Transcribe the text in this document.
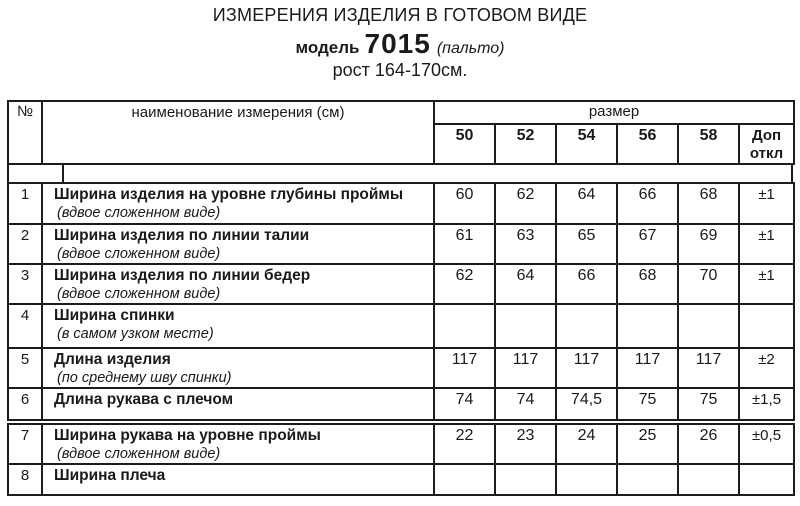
ИЗМЕРЕНИЯ ИЗДЕЛИЯ В ГОТОВОМ ВИДЕ
модель 7015 (пальто)
рост 164-170см.
№	наименование измерения (см)	размер					
		50	52	54	56	58	Доп
откл
1	Ширина изделия на уровне глубины проймы
(вдвое сложенном виде)	60	62	64	66	68	±1
2	Ширина изделия по линии талии
(вдвое сложенном виде)	61	63	65	67	69	±1
3	Ширина изделия по линии бедер
(вдвое сложенном виде)	62	64	66	68	70	±1
4	Ширина спинки
(в самом узком месте)						

5	Длина изделия
(по среднему шву спинки)	117	117	117	117	117	±2
6	Длина рукава с плечом	74	74	74,5	75	75	±1,5
7	Ширина рукава на уровне проймы
(вдвое сложенном виде)	22	23	24	25	26	±0,5
8	Ширина плеча						
